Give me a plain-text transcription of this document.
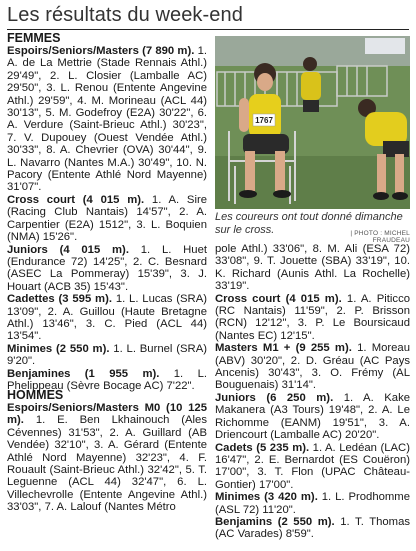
Les résultats du week-end

FEMMES

Espoirs/Seniors/Masters (7 890 m). 1. A. de La Mettrie (Stade Rennais Athl.) 29'49", 2. L. Closier (Lamballe AC) 29'50", 3. L. Renou (Entente Angevine Athl.) 29'59", 4. M. Morineau (ACL 44) 30'13", 5. M. Godefroy (E2A) 30'22", 6. A. Verdure (Saint-Brieuc Athl.) 30'23", 7. V. Dupouey (Ouest Vendée Athl.) 30'33", 8. A. Chevrier (OVA) 30'44", 9. L. Navarro (Nantes M.A.) 30'49", 10. N. Pacory (Entente Athlé Nord Mayenne) 31'07".

Cross court (4 015 m). 1. A. Sire (Racing Club Nantais) 14'57", 2. A. Carpentier (E2A) 1512", 3. L. Boquien (NMA) 15'26".

Juniors (4 015 m). 1. L. Huet (Endurance 72) 14'25", 2. C. Besnard (ASEC La Pommeray) 15'39", 3. J. Houart (ACB 35) 15'43".

Cadettes (3 595 m). 1. L. Lucas (SRA) 13'09", 2. A. Guillou (Haute Bretagne Athl.) 13'46", 3. C. Pied (ACL 44) 13'54".

Minimes (2 550 m). 1. L. Burnel (SRA) 9'20".

Benjamines (1 955 m). 1. L. Phelippeau (Sèvre Bocage AC) 7'22".

1767
Les coureurs ont tout donné dimanche sur le cross.	| PHOTO : MICHEL FRAUDEAU

pole Athl.) 33'06", 8. M. Ali (ESA 72) 33'08", 9. T. Jouette (SBA) 33'19", 10. K. Richard (Aunis Athl. La Rochelle) 33'19".

Cross court (4 015 m). 1. A. Piticco (RC Nantais) 11'59", 2. P. Brisson (RCN) 12'12", 3. P. Le Boursicaud (Nantes EC) 12'15".

Masters M1 + (9 255 m). 1. Moreau (ABV) 30'20", 2. D. Gréau (AC Pays Ancenis) 30'43", 3. O. Frémy (AL Bouguenais) 31'14".

Juniors (6 250 m). 1. A. Kake Makanera (A3 Tours) 19'48", 2. A. Le Richomme (EANM) 19'51", 3. A. Driencourt (Lamballe AC) 20'20".

Cadets (5 235 m). 1. A. Ledéan (LAC) 16'47", 2. E. Bernardot (ES Couëron) 17'00", 3. T. Flon (UPAC Château-Gontier) 17'00".

Minimes (3 420 m). 1. L. Prodhomme (ASL 72) 11'20".

Benjamins (2 550 m). 1. T. Thomas (AC Varades) 8'59".

HOMMES

Espoirs/Seniors/Masters M0 (10 125 m). 1. E. Ben Lkhainouch (Ales Cévennes) 31'53", 2. A. Guillard (AB Vendée) 32'10", 3. A. Gérard (Entente Athlé Nord Mayenne) 32'23", 4. F. Rouault (Saint-Brieuc Athl.) 32'42", 5. T. Leguenne (ACL 44) 32'47", 6. L. Villechevrolle (Entente Angevine Athl.) 33'03", 7. A. Lalouf (Nantes Métro
